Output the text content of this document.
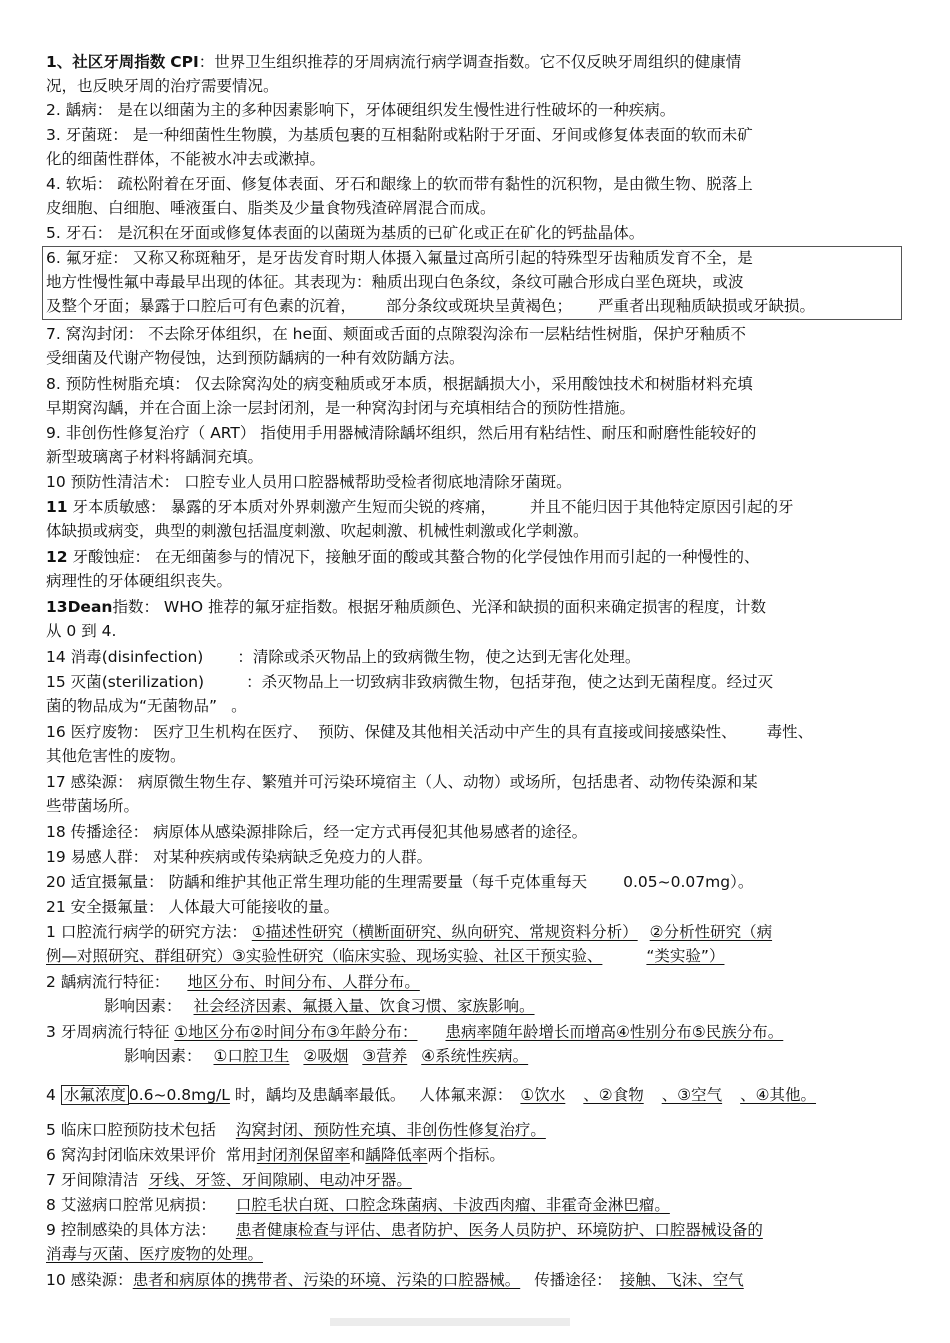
1、社区牙周指数 CPI：世界卫生组织推荐的牙周病流行病学调查指数。它不仅反映牙周组织的健康情
况，也反映牙周的治疗需要情况。
2. 龋病： 是在以细菌为主的多种因素影响下，牙体硬组织发生慢性进行性破坏的一种疾病。
3. 牙菌斑： 是一种细菌性生物膜，为基质包裹的互相黏附或粘附于牙面、牙间或修复体表面的软而未矿
化的细菌性群体，不能被水冲去或漱掉。
4. 软垢： 疏松附着在牙面、修复体表面、牙石和龈缘上的软而带有黏性的沉积物，是由微生物、脱落上
皮细胞、白细胞、唾液蛋白、脂类及少量食物残渣碎屑混合而成。
5. 牙石： 是沉积在牙面或修复体表面的以菌斑为基质的已矿化或正在矿化的钙盐晶体。
6. 氟牙症： 又称又称斑釉牙，是牙齿发育时期人体摄入氟量过高所引起的特殊型牙齿釉质发育不全，是
地方性慢性氟中毒最早出现的体征。其表现为：釉质出现白色条纹，条纹可融合形成白垩色斑块，或波
及整个牙面；暴露于口腔后可有色素的沉着， 部分条纹或斑块呈黄褐色； 严重者出现釉质缺损或牙缺损。
7. 窝沟封闭： 不去除牙体组织，在 he面、颊面或舌面的点隙裂沟涂布一层粘结性树脂，保护牙釉质不
受细菌及代谢产物侵蚀，达到预防龋病的一种有效防龋方法。
8. 预防性树脂充填： 仅去除窝沟处的病变釉质或牙本质，根据龋损大小，采用酸蚀技术和树脂材料充填
早期窝沟龋，并在合面上涂一层封闭剂，是一种窝沟封闭与充填相结合的预防性措施。
9. 非创伤性修复治疗（ ART） 指使用手用器械清除龋坏组织，然后用有粘结性、耐压和耐磨性能较好的
新型玻璃离子材料将龋洞充填。
10 预防性清洁术： 口腔专业人员用口腔器械帮助受检者彻底地清除牙菌斑。
11 牙本质敏感： 暴露的牙本质对外界刺激产生短而尖锐的疼痛， 并且不能归因于其他特定原因引起的牙
体缺损或病变，典型的刺激包括温度刺激、吹起刺激、机械性刺激或化学刺激。
12 牙酸蚀症： 在无细菌参与的情况下，接触牙面的酸或其螯合物的化学侵蚀作用而引起的一种慢性的、
病理性的牙体硬组织丧失。
13Dean指数： WHO 推荐的氟牙症指数。根据牙釉质颜色、光泽和缺损的面积来确定损害的程度，计数
从 0 到 4.
14 消毒(disinfection) ：清除或杀灭物品上的致病微生物，使之达到无害化处理。
15 灭菌(sterilization)	：杀灭物品上一切致病非致病微生物，包括芽孢，使之达到无菌程度。经过灭
菌的物品成为“无菌物品” 。
16 医疗废物： 医疗卫生机构在医疗、 预防、保健及其他相关活动中产生的具有直接或间接感染性、 毒性、
其他危害性的废物。
17 感染源： 病原微生物生存、繁殖并可污染环境宿主（人、动物）或场所，包括患者、动物传染源和某
些带菌场所。
18 传播途径： 病原体从感染源排除后，经一定方式再侵犯其他易感者的途径。
19 易感人群： 对某种疾病或传染病缺乏免疫力的人群。
20 适宜摄氟量： 防龋和维护其他正常生理功能的生理需要量（每千克体重每天 0.05~0.07mg）。
21 安全摄氟量： 人体最大可能接收的量。
1 口腔流行病学的研究方法： ①描述性研究（横断面研究、纵向研究、常规资料分析） ②分析性研究（病
例—对照研究、群组研究）③实验性研究（临床实验、现场实验、社区干预实验、	“类实验”）
2 龋病流行特征： 地区分布、时间分布、人群分布。
影响因素： 社会经济因素、氟摄入量、饮食习惯、家族影响。
3 牙周病流行特征 ①地区分布②时间分布③年龄分布： 患病率随年龄增长而增高④性别分布⑤民族分布。
影响因素： ①口腔卫生 ②吸烟 ③营养 ④系统性疾病。
4 水氟浓度 0.6~0.8mg/L 时，龋均及患龋率最低。 人体氟来源： ①饮水 、②食物 、③空气 、④其他。
5 临床口腔预防技术包括 沟窝封闭、预防性充填、非创伤性修复治疗。
6 窝沟封闭临床效果评价 常用封闭剂保留率和龋降低率两个指标。
7 牙间隙清洁 牙线、牙签、牙间隙刷、电动冲牙器。
8 艾滋病口腔常见病损： 口腔毛状白斑、口腔念珠菌病、卡波西肉瘤、非霍奇金淋巴瘤。
9 控制感染的具体方法： 患者健康检查与评估、患者防护、医务人员防护、环境防护、口腔器械设备的
消毒与灭菌、医疗废物的处理。
10 感染源：患者和病原体的携带者、污染的环境、污染的口腔器械。 传播途径： 接触、飞沫、空气
